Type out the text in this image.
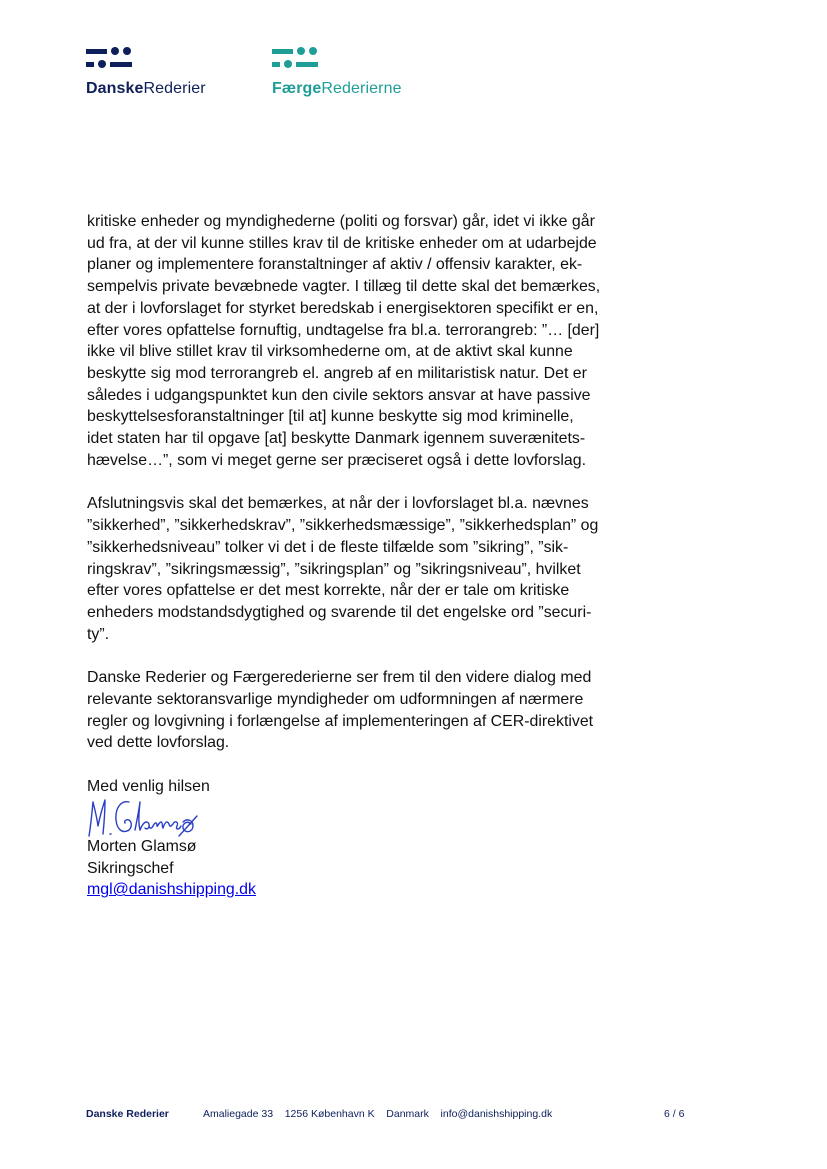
DanskeRederier	FærgeRederierne

kritiske enheder og myndighederne (politi og forsvar) går, idet vi ikke går
ud fra, at der vil kunne stilles krav til de kritiske enheder om at udarbejde
planer og implementere foranstaltninger af aktiv / offensiv karakter, ek-
sempelvis private bevæbnede vagter. I tillæg til dette skal det bemærkes,
at der i lovforslaget for styrket beredskab i energisektoren specifikt er en,
efter vores opfattelse fornuftig, undtagelse fra bl.a. terrorangreb: ”… [der]
ikke vil blive stillet krav til virksomhederne om, at de aktivt skal kunne
beskytte sig mod terrorangreb el. angreb af en militaristisk natur. Det er
således i udgangspunktet kun den civile sektors ansvar at have passive
beskyttelsesforanstaltninger [til at] kunne beskytte sig mod kriminelle,
idet staten har til opgave [at] beskytte Danmark igennem suverænitets-
hævelse…”, som vi meget gerne ser præciseret også i dette lovforslag.

Afslutningsvis skal det bemærkes, at når der i lovforslaget bl.a. nævnes
”sikkerhed”, ”sikkerhedskrav”, ”sikkerhedsmæssige”, ”sikkerhedsplan” og
”sikkerhedsniveau” tolker vi det i de fleste tilfælde som ”sikring”, ”sik-
ringskrav”, ”sikringsmæssig”, ”sikringsplan” og ”sikringsniveau”, hvilket
efter vores opfattelse er det mest korrekte, når der er tale om kritiske
enheders modstandsdygtighed og svarende til det engelske ord ”securi-
ty”.

Danske Rederier og Færgerederierne ser frem til den videre dialog med
relevante sektoransvarlige myndigheder om udformningen af nærmere
regler og lovgivning i forlængelse af implementeringen af CER-direktivet
ved dette lovforslag.

Med venlig hilsen
Morten Glamsø
Sikringschef
mgl@danishshipping.dk
Danske Rederier	Amaliegade 33    1256 København K    Danmark    info@danishshipping.dk	6 / 6
